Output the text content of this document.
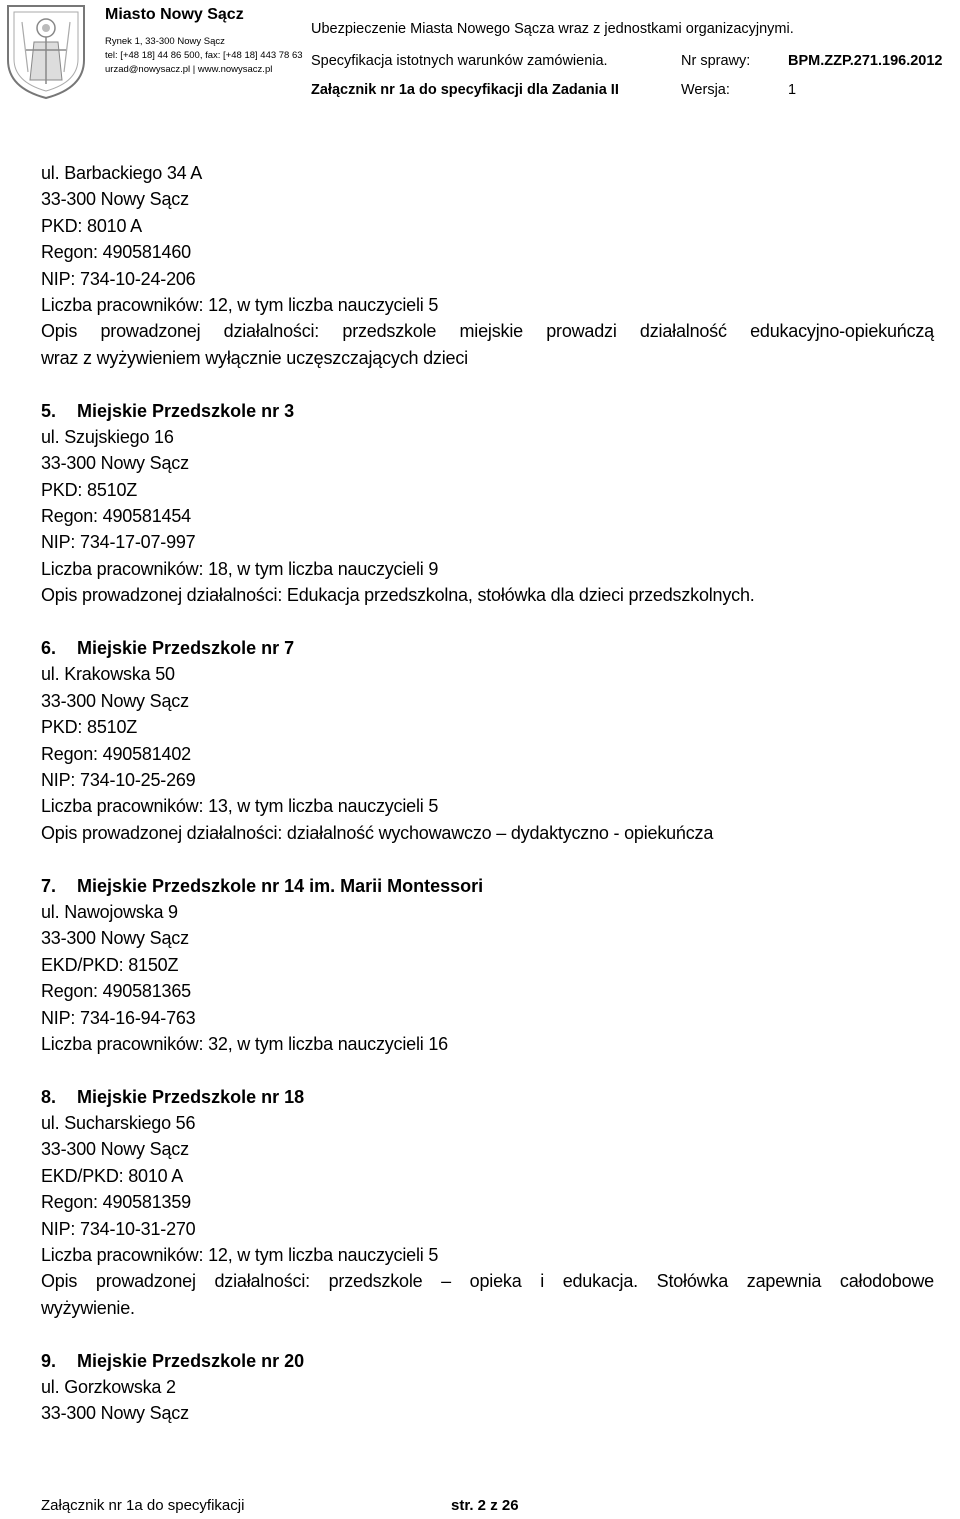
Miasto Nowy Sącz
Rynek 1, 33-300 Nowy Sącz
tel: [+48 18] 44 86 500, fax: [+48 18] 443 78 63
urzad@nowysacz.pl | www.nowysacz.pl
Ubezpieczenie Miasta Nowego Sącza wraz z jednostkami organizacyjnymi.
Specyfikacja istotnych warunków zamówienia.	Nr sprawy:	BPM.ZZP.271.196.2012
Załącznik nr 1a do specyfikacji dla Zadania II	Wersja:	1
ul. Barbackiego 34 A
33-300 Nowy Sącz
PKD: 8010 A
Regon: 490581460
NIP: 734-10-24-206
Liczba pracowników: 12, w tym liczba nauczycieli 5
Opis prowadzonej działalności: przedszkole miejskie prowadzi działalność edukacyjno-opiekuńczą
wraz z wyżywieniem wyłącznie uczęszczających dzieci
5. Miejskie Przedszkole nr 3
ul. Szujskiego 16
33-300 Nowy Sącz
PKD: 8510Z
Regon: 490581454
NIP: 734-17-07-997
Liczba pracowników: 18, w tym liczba nauczycieli 9
Opis prowadzonej działalności: Edukacja przedszkolna, stołówka dla dzieci przedszkolnych.
6. Miejskie Przedszkole nr 7
ul. Krakowska 50
33-300 Nowy Sącz
PKD: 8510Z
Regon: 490581402
NIP: 734-10-25-269
Liczba pracowników: 13, w tym liczba nauczycieli 5
Opis prowadzonej działalności: działalność wychowawczo – dydaktyczno - opiekuńcza
7. Miejskie Przedszkole nr 14 im. Marii Montessori
ul. Nawojowska 9
33-300 Nowy Sącz
EKD/PKD: 8150Z
Regon: 490581365
NIP: 734-16-94-763
Liczba pracowników: 32, w tym liczba nauczycieli 16
8. Miejskie Przedszkole nr 18
ul. Sucharskiego 56
33-300 Nowy Sącz
EKD/PKD: 8010 A
Regon: 490581359
NIP: 734-10-31-270
Liczba pracowników: 12, w tym liczba nauczycieli 5
Opis prowadzonej działalności: przedszkole – opieka i edukacja. Stołówka zapewnia całodobowe
wyżywienie.
9. Miejskie Przedszkole nr 20
ul. Gorzkowska 2
33-300 Nowy Sącz
Załącznik nr 1a do specyfikacji	str. 2 z 26
